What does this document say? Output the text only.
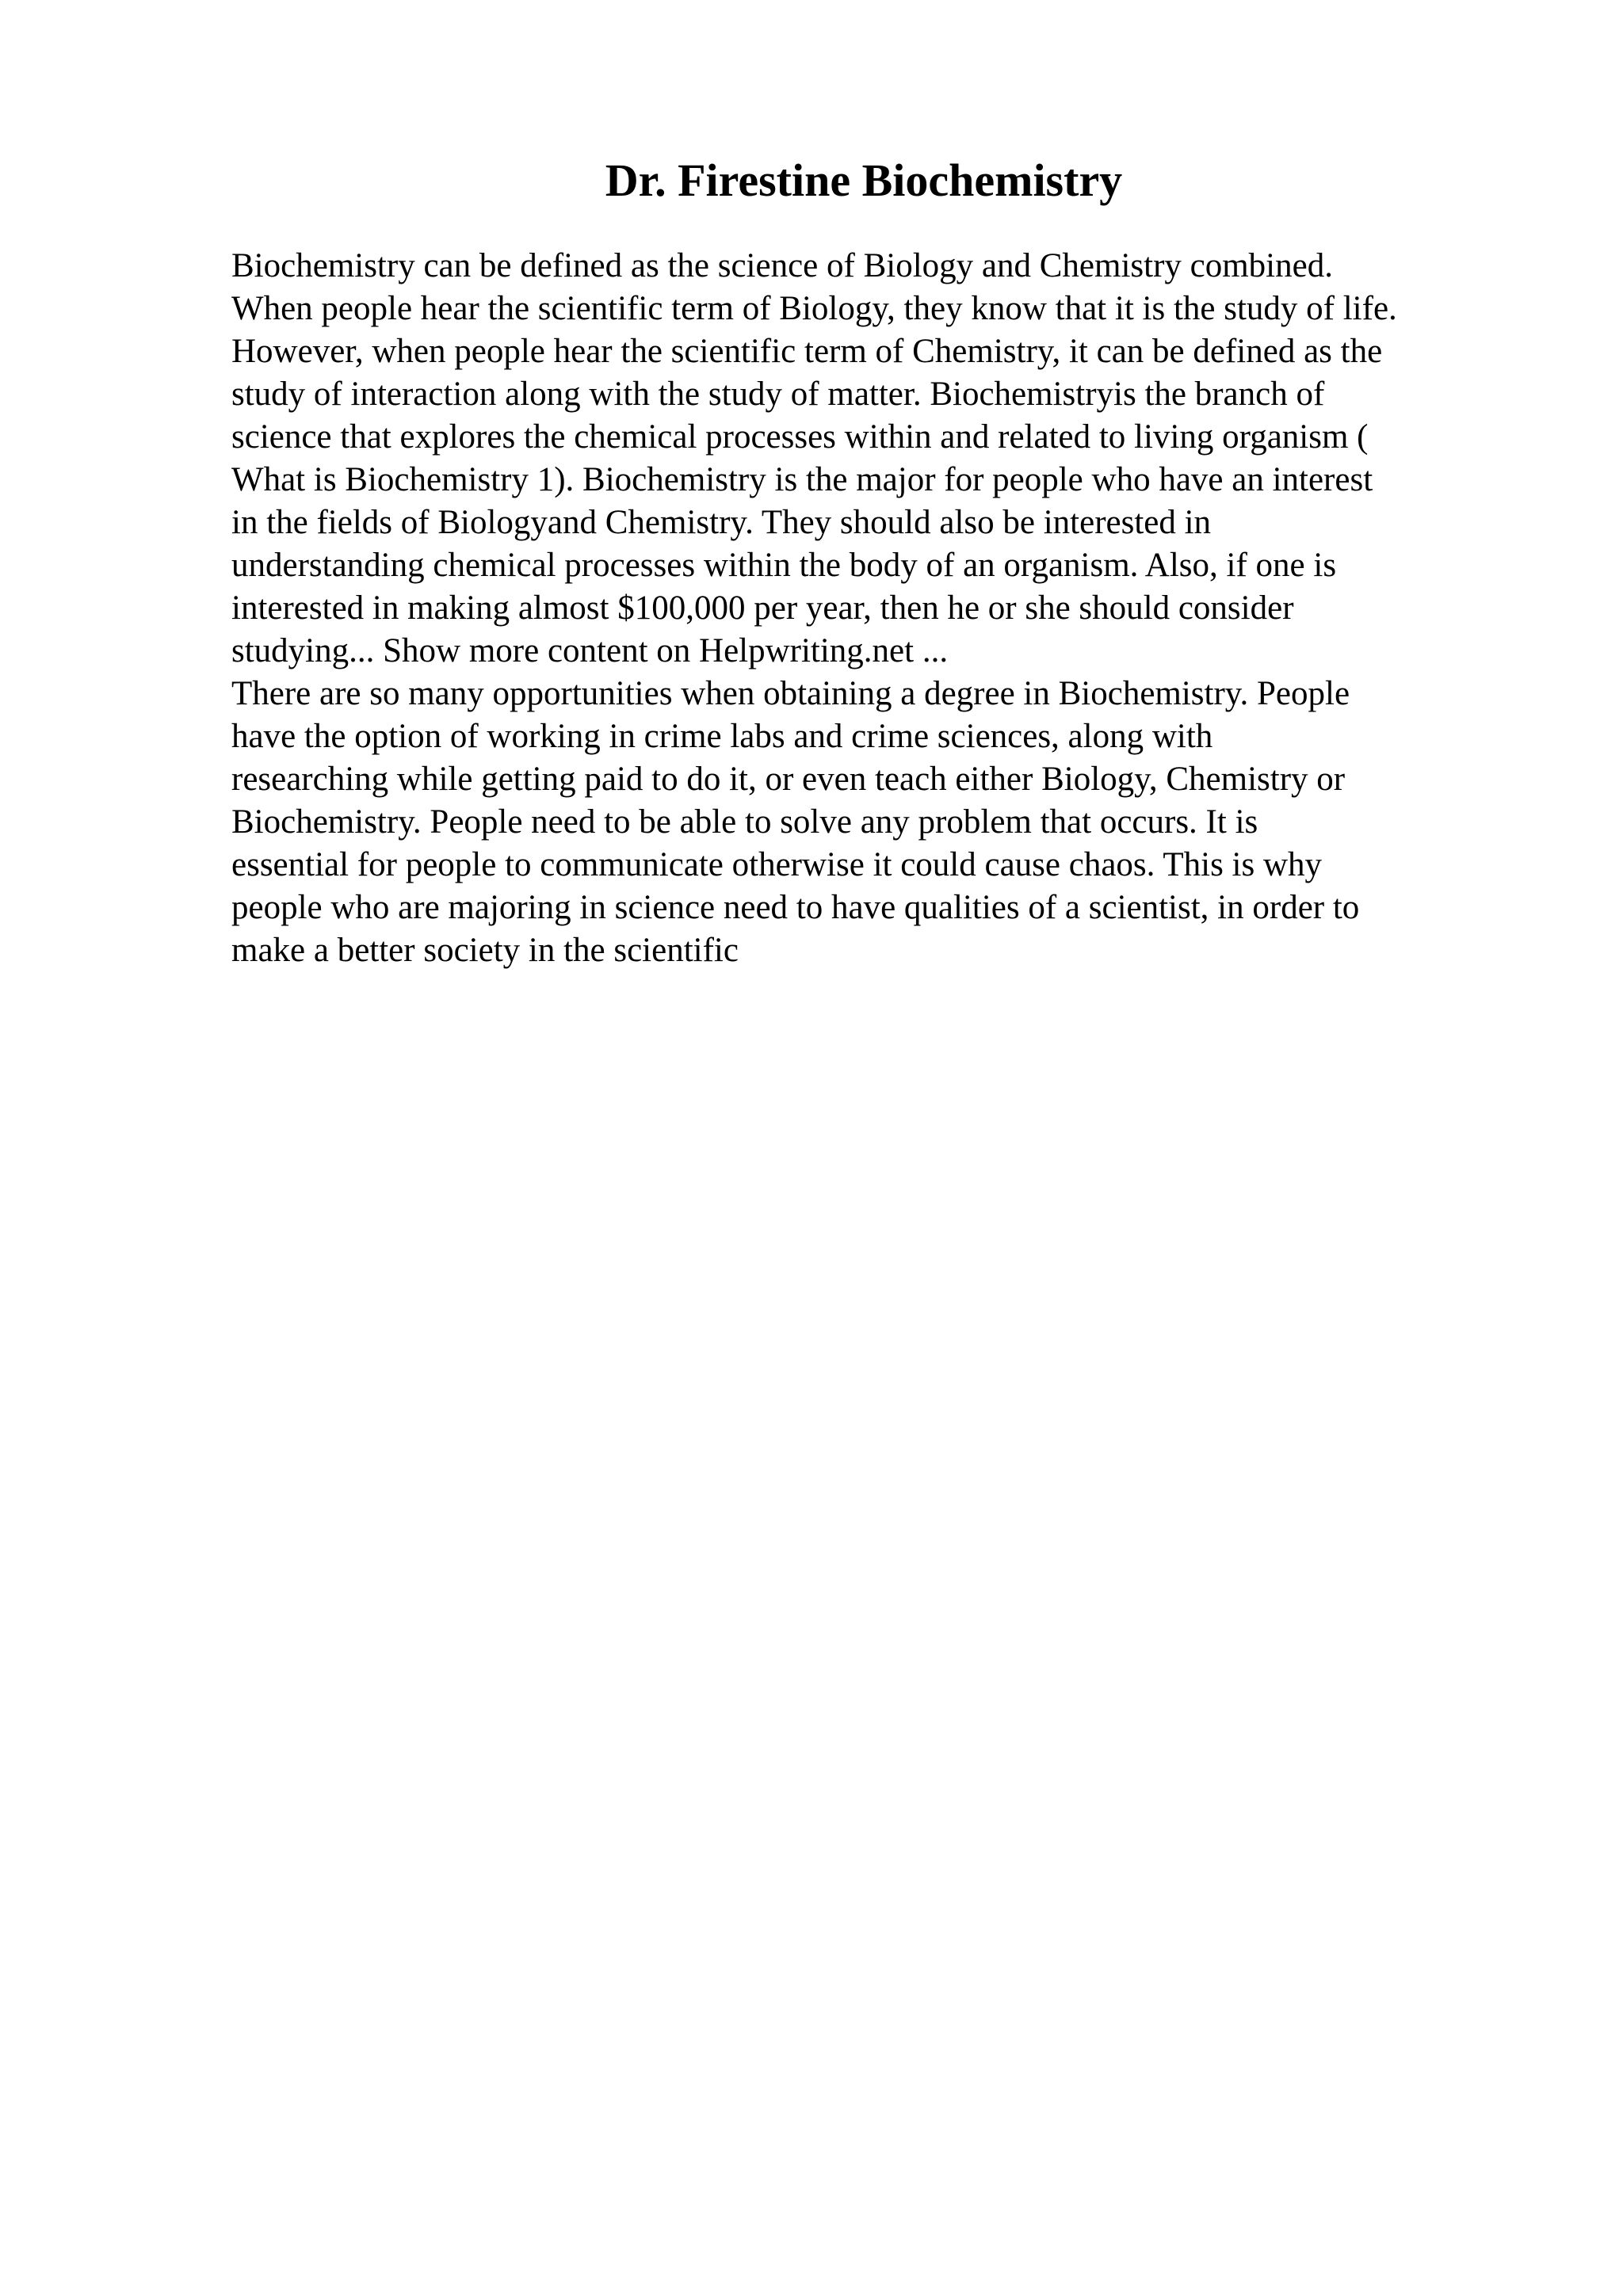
Dr. Firestine Biochemistry
Biochemistry can be defined as the science of Biology and Chemistry combined.
When people hear the scientific term of Biology, they know that it is the study of life.
However, when people hear the scientific term of Chemistry, it can be defined as the
study of interaction along with the study of matter. Biochemistryis the branch of
science that explores the chemical processes within and related to living organism (
What is Biochemistry 1). Biochemistry is the major for people who have an interest
in the fields of Biologyand Chemistry. They should also be interested in
understanding chemical processes within the body of an organism. Also, if one is
interested in making almost $100,000 per year, then he or she should consider
studying... Show more content on Helpwriting.net ...
There are so many opportunities when obtaining a degree in Biochemistry. People
have the option of working in crime labs and crime sciences, along with
researching while getting paid to do it, or even teach either Biology, Chemistry or
Biochemistry. People need to be able to solve any problem that occurs. It is
essential for people to communicate otherwise it could cause chaos. This is why
people who are majoring in science need to have qualities of a scientist, in order to
make a better society in the scientific
